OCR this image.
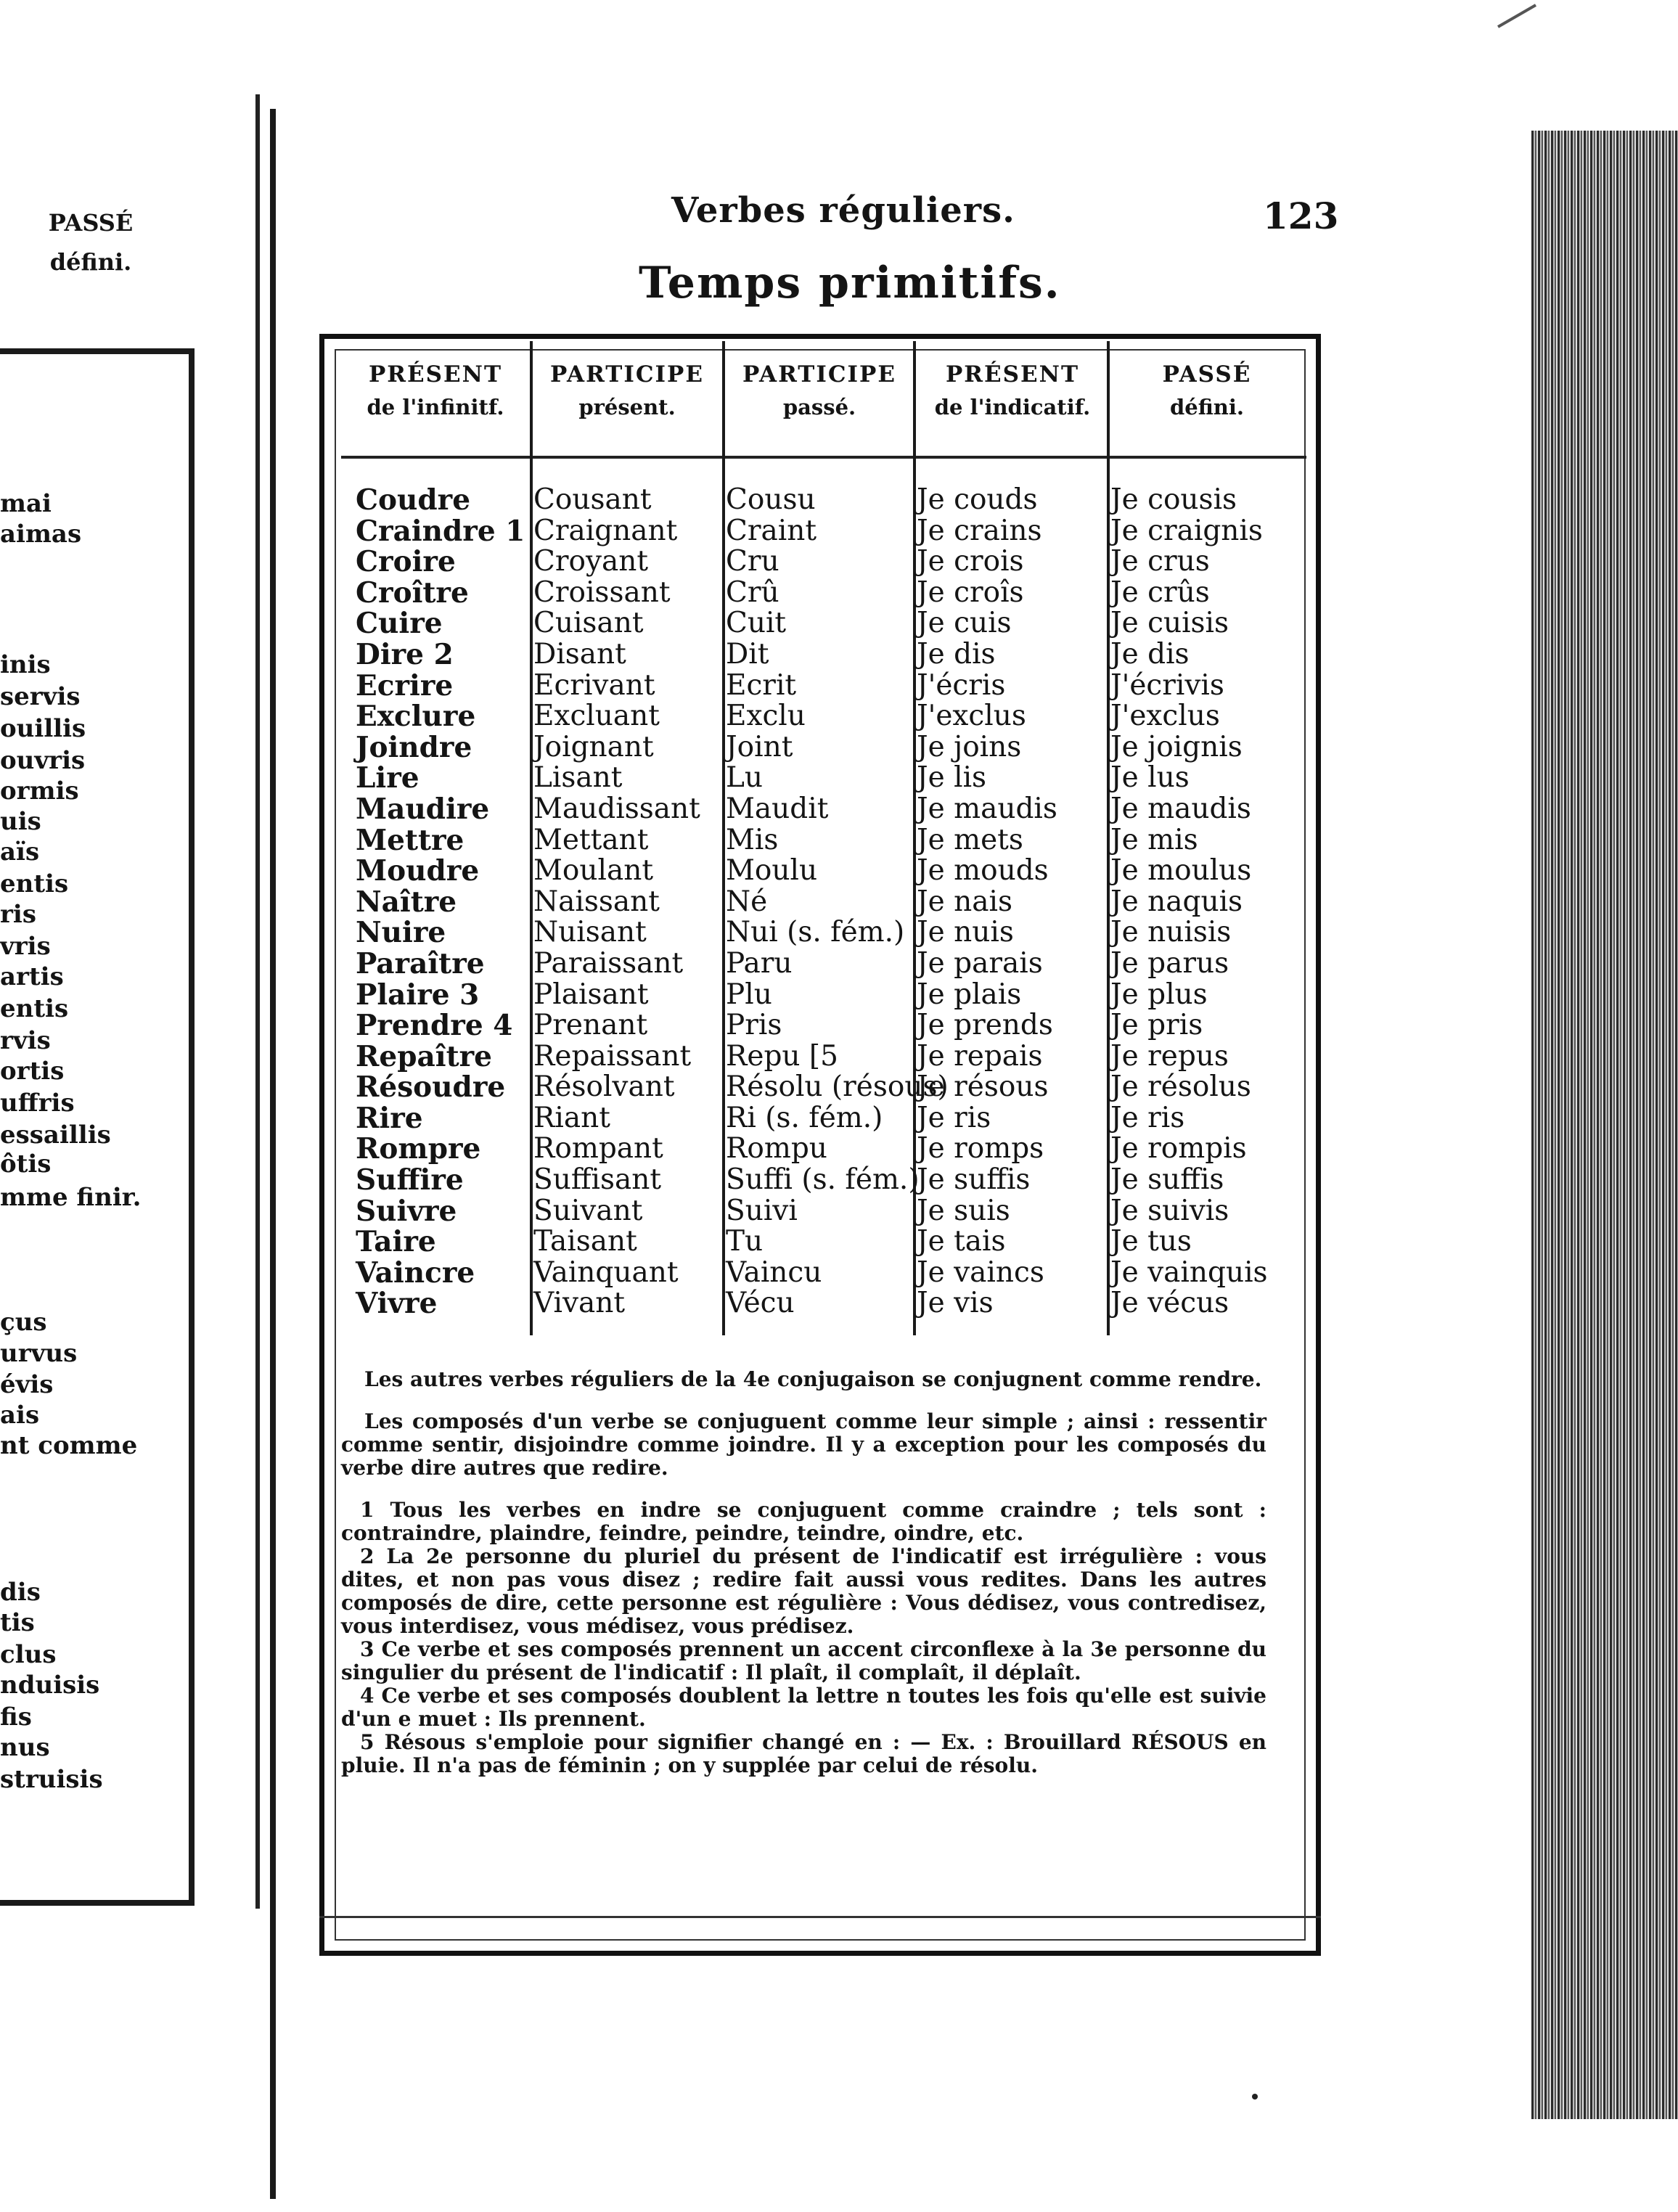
PASSÉ
défini.
mai
aimas
inis
servis
ouillis
ouvris
ormis
uis
aïs
entis
ris
vris
artis
entis
rvis
ortis
uffris
essaillis
ôtis
mme finir.
çus
urvus
évis
ais
nt comme
dis
tis
clus
nduisis
fis
nus
struisis
Verbes réguliers.	123
Temps primitifs.
PRÉSENT
de l'infinitf.
PARTICIPE
présent.
PARTICIPE
passé.
PRÉSENT
de l'indicatif.
PASSÉ
défini.
Coudre
Craindre 1
Croire
Croître
Cuire
Dire 2
Ecrire
Exclure
Joindre
Lire
Maudire
Mettre
Moudre
Naître
Nuire
Paraître
Plaire 3
Prendre 4
Repaître
Résoudre
Rire
Rompre
Suffire
Suivre
Taire
Vaincre
Vivre
Cousant
Craignant
Croyant
Croissant
Cuisant
Disant
Ecrivant
Excluant
Joignant
Lisant
Maudissant
Mettant
Moulant
Naissant
Nuisant
Paraissant
Plaisant
Prenant
Repaissant
Résolvant
Riant
Rompant
Suffisant
Suivant
Taisant
Vainquant
Vivant
Cousu
Craint
Cru
Crû
Cuit
Dit
Ecrit
Exclu
Joint
Lu
Maudit
Mis
Moulu
Né
Nui (s. fém.)
Paru
Plu
Pris
Repu [5
Résolu (résous)
Ri (s. fém.)
Rompu
Suffi (s. fém.)
Suivi
Tu
Vaincu
Vécu
Je couds
Je crains
Je crois
Je croîs
Je cuis
Je dis
J'écris
J'exclus
Je joins
Je lis
Je maudis
Je mets
Je mouds
Je nais
Je nuis
Je parais
Je plais
Je prends
Je repais
Je résous
Je ris
Je romps
Je suffis
Je suis
Je tais
Je vaincs
Je vis
Je cousis
Je craignis
Je crus
Je crûs
Je cuisis
Je dis
J'écrivis
J'exclus
Je joignis
Je lus
Je maudis
Je mis
Je moulus
Je naquis
Je nuisis
Je parus
Je plus
Je pris
Je repus
Je résolus
Je ris
Je rompis
Je suffis
Je suivis
Je tus
Je vainquis
Je vécus

Les autres verbes réguliers de la 4e conjugaison se conjugnent comme rendre.

Les composés d'un verbe se conjuguent comme leur simple ; ainsi : ressentir comme sentir, disjoindre comme joindre. Il y a exception pour les composés du verbe dire autres que redire.

1 Tous les verbes en indre se conjuguent comme craindre ; tels sont : contraindre, plaindre, feindre, peindre, teindre, oindre, etc.
2 La 2e personne du pluriel du présent de l'indicatif est irrégulière : vous dites, et non pas vous disez ; redire fait aussi vous redites. Dans les autres composés de dire, cette personne est régulière : Vous dédisez, vous contredisez, vous interdisez, vous médisez, vous prédisez.
3 Ce verbe et ses composés prennent un accent circonflexe à la 3e personne du singulier du présent de l'indicatif : Il plaît, il complaît, il déplaît.
4 Ce verbe et ses composés doublent la lettre n toutes les fois qu'elle est suivie d'un e muet : Ils prennent.
5 Résous s'emploie pour signifier changé en : — Ex. : Brouillard RÉSOUS en pluie. Il n'a pas de féminin ; on y supplée par celui de résolu.
